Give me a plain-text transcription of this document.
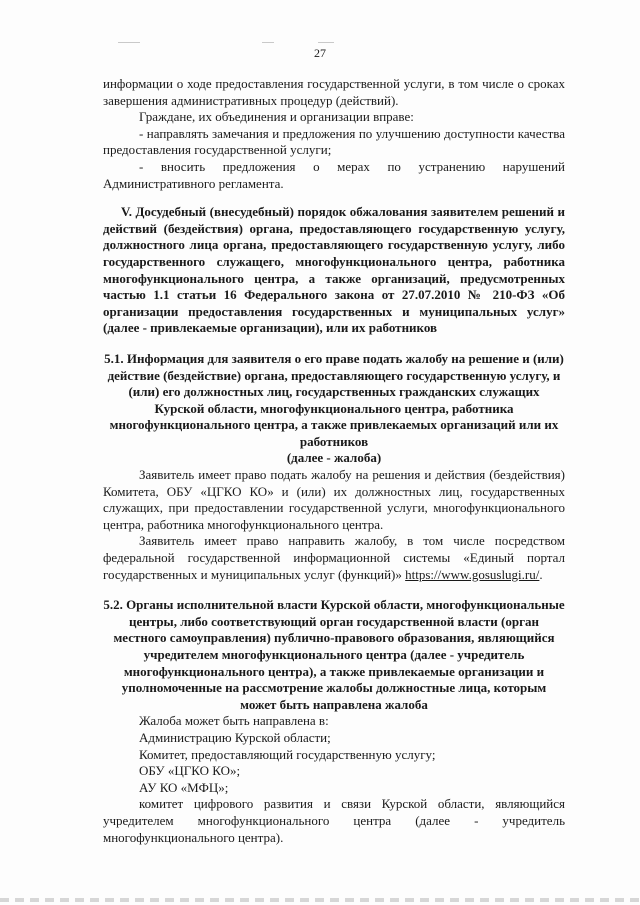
27

информации о ходе предоставления государственной услуги, в том числе о сроках завершения административных процедур (действий).

Граждане, их объединения и организации вправе:

- направлять замечания и предложения по улучшению доступности качества предоставления государственной услуги;

- вносить предложения о мерах по устранению нарушений Административного регламента.

V. Досудебный (внесудебный) порядок обжалования заявителем решений и действий (бездействия) органа, предоставляющего государственную услугу, должностного лица органа, предоставляющего государственную услугу, либо государственного служащего, многофункционального центра, работника многофункционального центра, а также организаций, предусмотренных частью 1.1 статьи 16 Федерального закона от 27.07.2010 № 210-ФЗ «Об организации предоставления государственных и муниципальных услуг» (далее - привлекаемые организации), или их работников

5.1. Информация для заявителя о его праве подать жалобу на решение и (или) действие (бездействие) органа, предоставляющего государственную услугу, и (или) его должностных лиц, государственных гражданских служащих Курской области, многофункционального центра, работника многофункционального центра, а также привлекаемых организаций или их работников

(далее - жалоба)

Заявитель имеет право подать жалобу на решения и действия (бездействия) Комитета, ОБУ «ЦГКО КО» и (или) их должностных лиц, государственных служащих, при предоставлении государственной услуги, многофункционального центра, работника многофункционального центра.

Заявитель имеет право направить жалобу, в том числе посредством федеральной государственной информационной системы «Единый портал государственных и муниципальных услуг (функций)» https://www.gosuslugi.ru/.

5.2. Органы исполнительной власти Курской области, многофункциональные центры, либо соответствующий орган государственной власти (орган местного самоуправления) публично-правового образования, являющийся учредителем многофункционального центра (далее - учредитель многофункционального центра), а также привлекаемые организации и уполномоченные на рассмотрение жалобы должностные лица, которым может быть направлена жалоба

Жалоба может быть направлена в:

Администрацию Курской области;

Комитет, предоставляющий государственную услугу;

ОБУ «ЦГКО КО»;

АУ КО «МФЦ»;

комитет цифрового развития и связи Курской области, являющийся учредителем многофункционального центра (далее - учредитель многофункционального центра).
